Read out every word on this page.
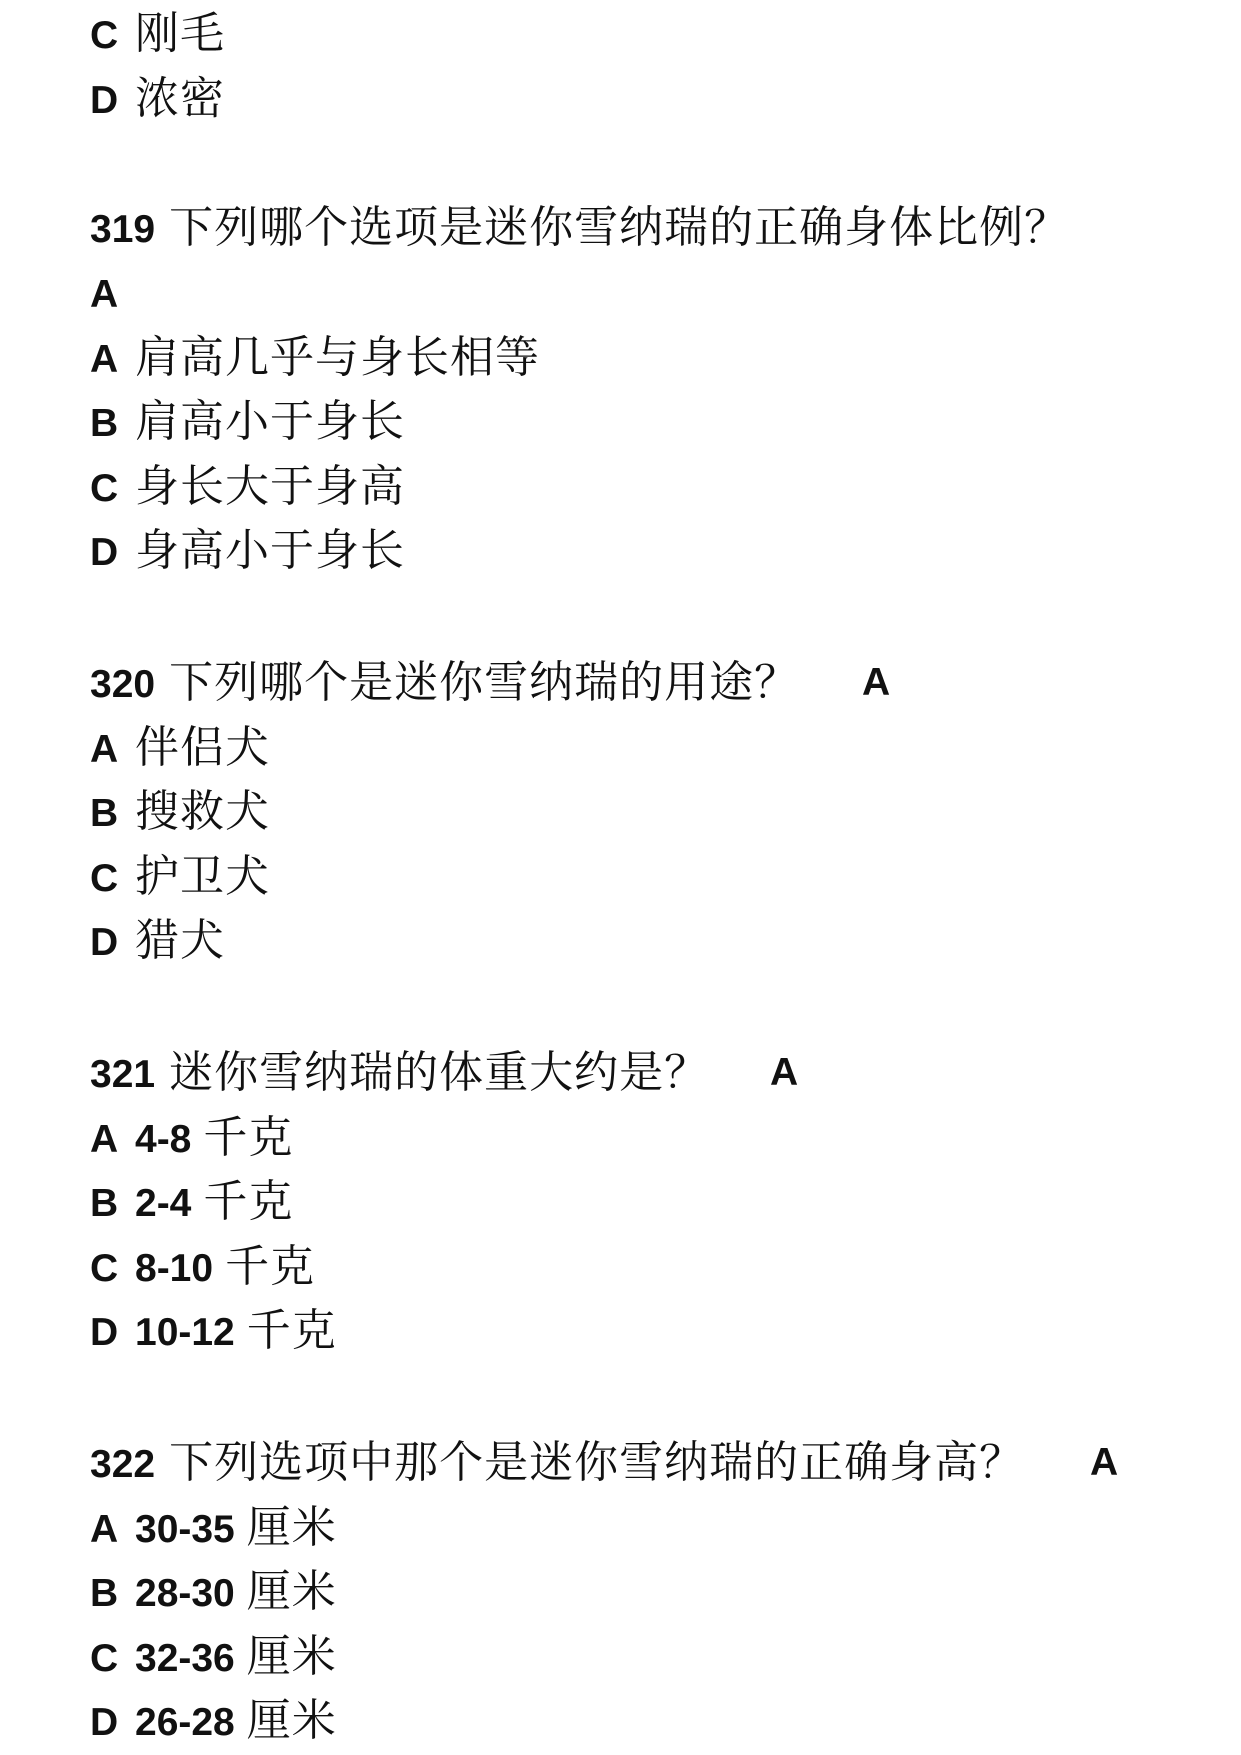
C 刚毛
D 浓密
319 下列哪个选项是迷你雪纳瑞的正确身体比例？
A
A 肩高几乎与身长相等
B 肩高小于身长
C 身长大于身高
D 身高小于身长
320 下列哪个是迷你雪纳瑞的用途？ A
A 伴侣犬
B 搜救犬
C 护卫犬
D 猎犬
321 迷你雪纳瑞的体重大约是？ A
A 4-8 千克
B 2-4 千克
C 8-10 千克
D 10-12 千克
322 下列选项中那个是迷你雪纳瑞的正确身高？ A
A 30-35 厘米
B 28-30 厘米
C 32-36 厘米
D 26-28 厘米
